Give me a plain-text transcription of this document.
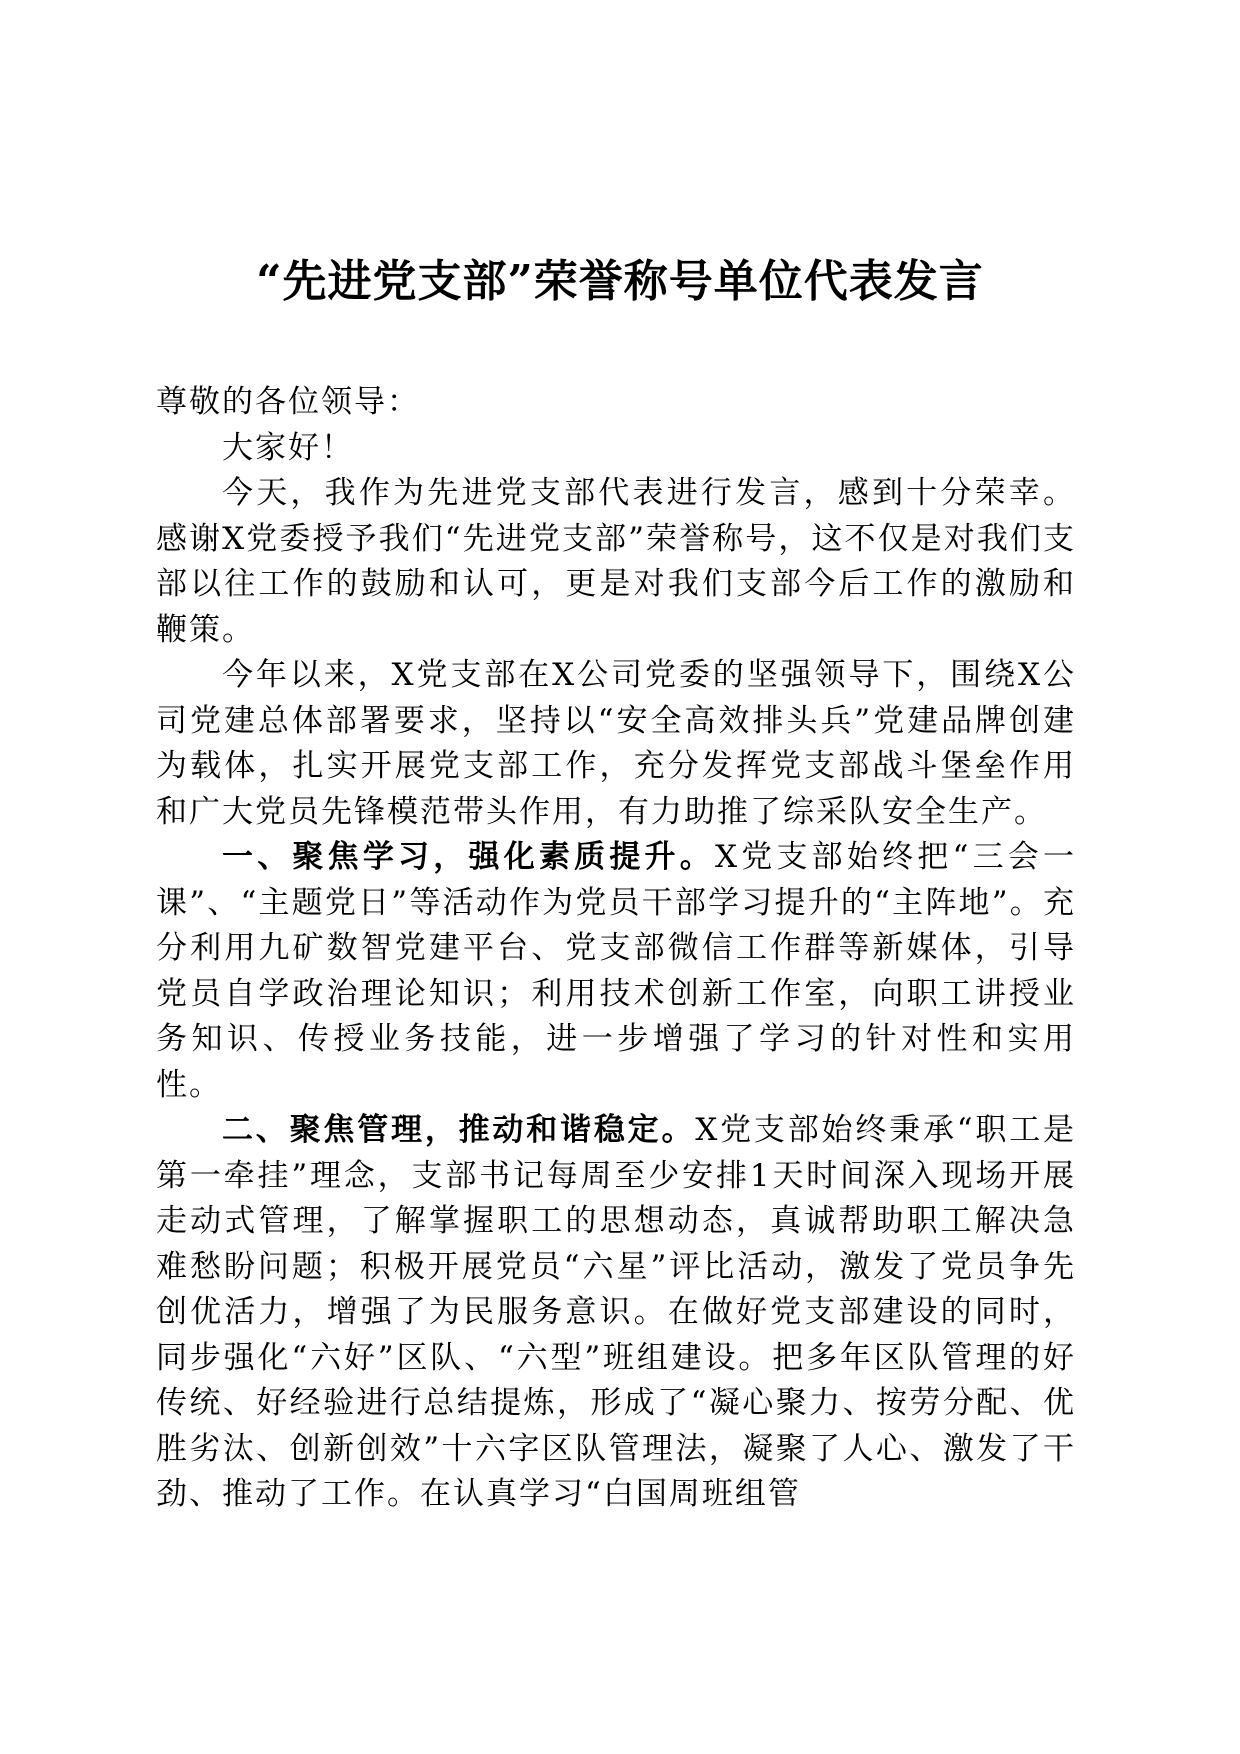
“先进党支部”荣誉称号单位代表发言

尊敬的各位领导：

大家好！

今天，我作为先进党支部代表进行发言，感到十分荣幸。感谢X党委授予我们“先进党支部”荣誉称号，这不仅是对我们支部以往工作的鼓励和认可，更是对我们支部今后工作的激励和鞭策。

今年以来，X党支部在X公司党委的坚强领导下，围绕X公司党建总体部署要求，坚持以“安全高效排头兵”党建品牌创建为载体，扎实开展党支部工作，充分发挥党支部战斗堡垒作用和广大党员先锋模范带头作用，有力助推了综采队安全生产。

一、聚焦学习，强化素质提升。X党支部始终把“三会一课”、“主题党日”等活动作为党员干部学习提升的“主阵地”。充分利用九矿数智党建平台、党支部微信工作群等新媒体，引导党员自学政治理论知识；利用技术创新工作室，向职工讲授业务知识、传授业务技能，进一步增强了学习的针对性和实用性。

二、聚焦管理，推动和谐稳定。X党支部始终秉承“职工是第一牵挂”理念，支部书记每周至少安排1天时间深入现场开展走动式管理，了解掌握职工的思想动态，真诚帮助职工解决急难愁盼问题；积极开展党员“六星”评比活动，激发了党员争先创优活力，增强了为民服务意识。在做好党支部建设的同时，同步强化“六好”区队、“六型”班组建设。把多年区队管理的好传统、好经验进行总结提炼，形成了“凝心聚力、按劳分配、优胜劣汰、创新创效”十六字区队管理法，凝聚了人心、激发了干劲、推动了工作。在认真学习“白国周班组管
